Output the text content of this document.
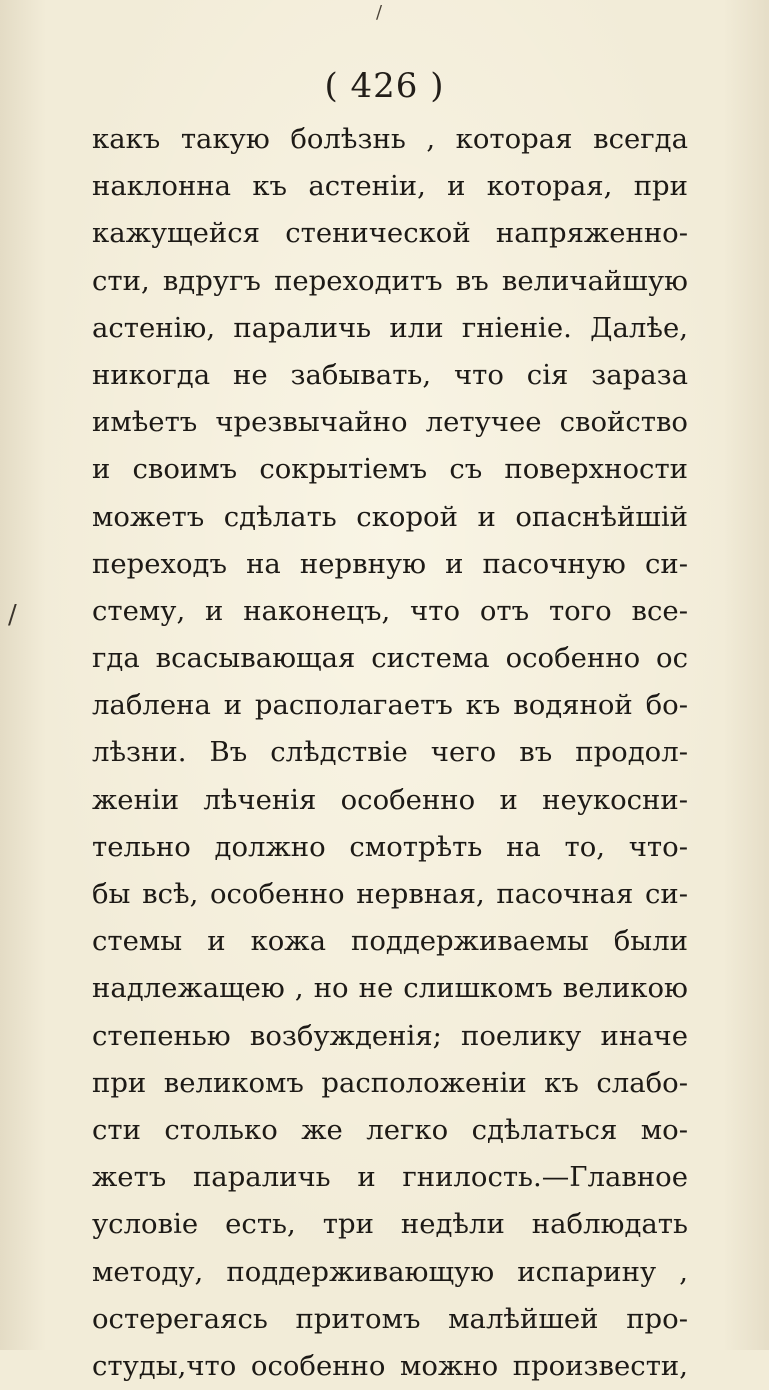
/
( 426 )
/
какъ такую болѣзнь , которая всегда
наклонна къ астеніи, и которая, при
кажущейся стенической напряженно-
сти, вдругъ переходитъ въ величайшую
астенію, параличь или гніеніе. Далѣе,
никогда не забывать, что сія зараза
имѣетъ чрезвычайно летучее свойство
и своимъ сокрытіемъ съ поверхности
можетъ сдѣлать скорой и опаснѣйшій
переходъ на нервную и пасочную си-
стему, и наконецъ, что отъ того все-
гда всасывающая система особенно ос
лаблена и располагаетъ къ водяной бо-
лѣзни. Въ слѣдствіе чего въ продол-
женіи лѣченія особенно и неукосни-
тельно должно смотрѣть на то, что-
бы всѣ, особенно нервная, пасочная си-
стемы и кожа поддерживаемы были
надлежащею , но не слишкомъ великою
степенью возбужденія; поелику иначе
при великомъ расположеніи къ слабо-
сти столько же легко сдѣлаться мо-
жетъ параличь и гнилость.—Главное
условіе есть, три недѣли наблюдать
методу, поддерживающую испарину ,
остерегаясь притомъ малѣйшей про-
студы,что особенно можно произвести,
